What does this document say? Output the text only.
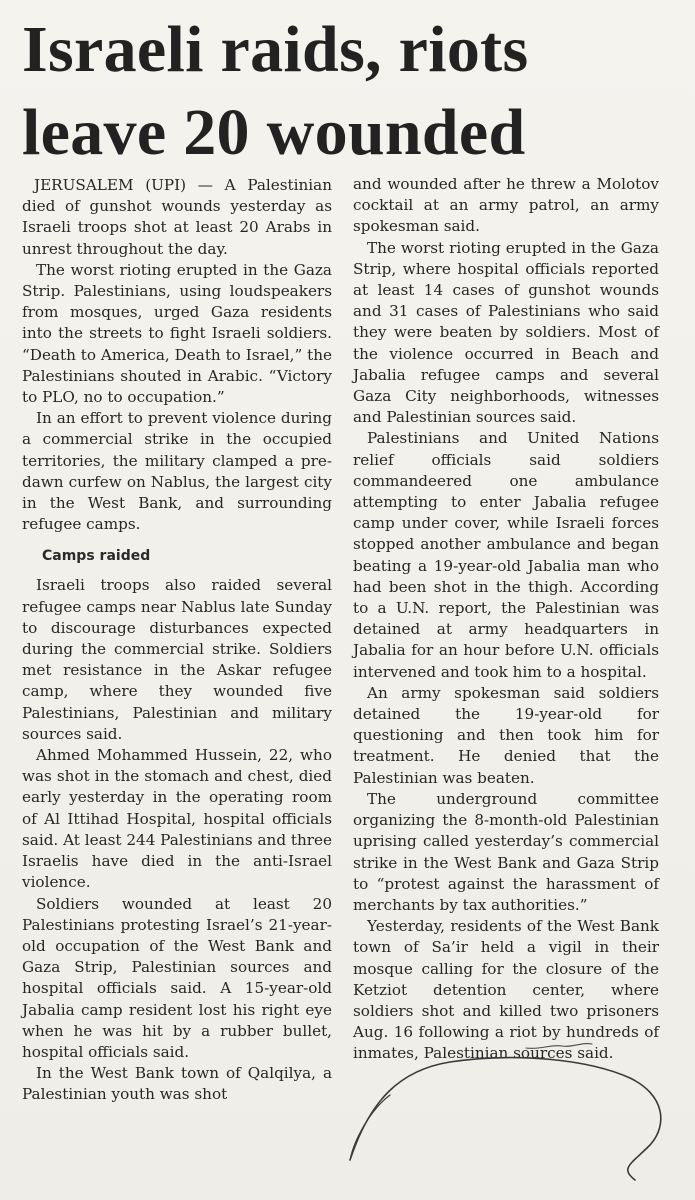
Israeli raids, riots
leave 20 wounded

JERUSALEM (UPI) — A Palestinian died of gunshot wounds yesterday as Israeli troops shot at least 20 Arabs in unrest throughout the day.

The worst rioting erupted in the Gaza Strip. Palestinians, using loudspeakers from mosques, urged Gaza residents into the streets to fight Israeli soldiers. “Death to America, Death to Israel,” the Palestinians shouted in Arabic. “Victory to PLO, no to occupation.”

In an effort to prevent violence during a commercial strike in the occupied territories, the military clamped a pre-dawn curfew on Nablus, the largest city in the West Bank, and surrounding refugee camps.

Camps raided

Israeli troops also raided several refugee camps near Nablus late Sunday to discourage disturbances expected during the commercial strike. Soldiers met resistance in the Askar refugee camp, where they wounded five Palestinians, Palestinian and military sources said.

Ahmed Mohammed Hussein, 22, who was shot in the stomach and chest, died early yesterday in the operating room of Al Ittihad Hospital, hospital officials said. At least 244 Palestinians and three Israelis have died in the anti-Israel violence.

Soldiers wounded at least 20 Palestinians protesting Israel’s 21-year-old occupation of the West Bank and Gaza Strip, Palestinian sources and hospital officials said. A 15-year-old Jabalia camp resident lost his right eye when he was hit by a rubber bullet, hospital officials said.

In the West Bank town of Qalqilya, a Palestinian youth was shot

and wounded after he threw a Molotov cocktail at an army patrol, an army spokesman said.

The worst rioting erupted in the Gaza Strip, where hospital officials reported at least 14 cases of gunshot wounds and 31 cases of Palestinians who said they were beaten by soldiers. Most of the violence occurred in Beach and Jabalia refugee camps and several Gaza City neighborhoods, witnesses and Palestinian sources said.

Palestinians and United Nations relief officials said soldiers commandeered one ambulance attempting to enter Jabalia refugee camp under cover, while Israeli forces stopped another ambulance and began beating a 19-year-old Jabalia man who had been shot in the thigh. According to a U.N. report, the Palestinian was detained at army headquarters in Jabalia for an hour before U.N. officials intervened and took him to a hospital.

An army spokesman said soldiers detained the 19-year-old for questioning and then took him for treatment. He denied that the Palestinian was beaten.

The underground committee organizing the 8-month-old Palestinian uprising called yesterday’s commercial strike in the West Bank and Gaza Strip to “protest against the harassment of merchants by tax authorities.”

Yesterday, residents of the West Bank town of Sa’ir held a vigil in their mosque calling for the closure of the Ketziot detention center, where soldiers shot and killed two prisoners Aug. 16 following a riot by hundreds of inmates, Palestinian sources said.
